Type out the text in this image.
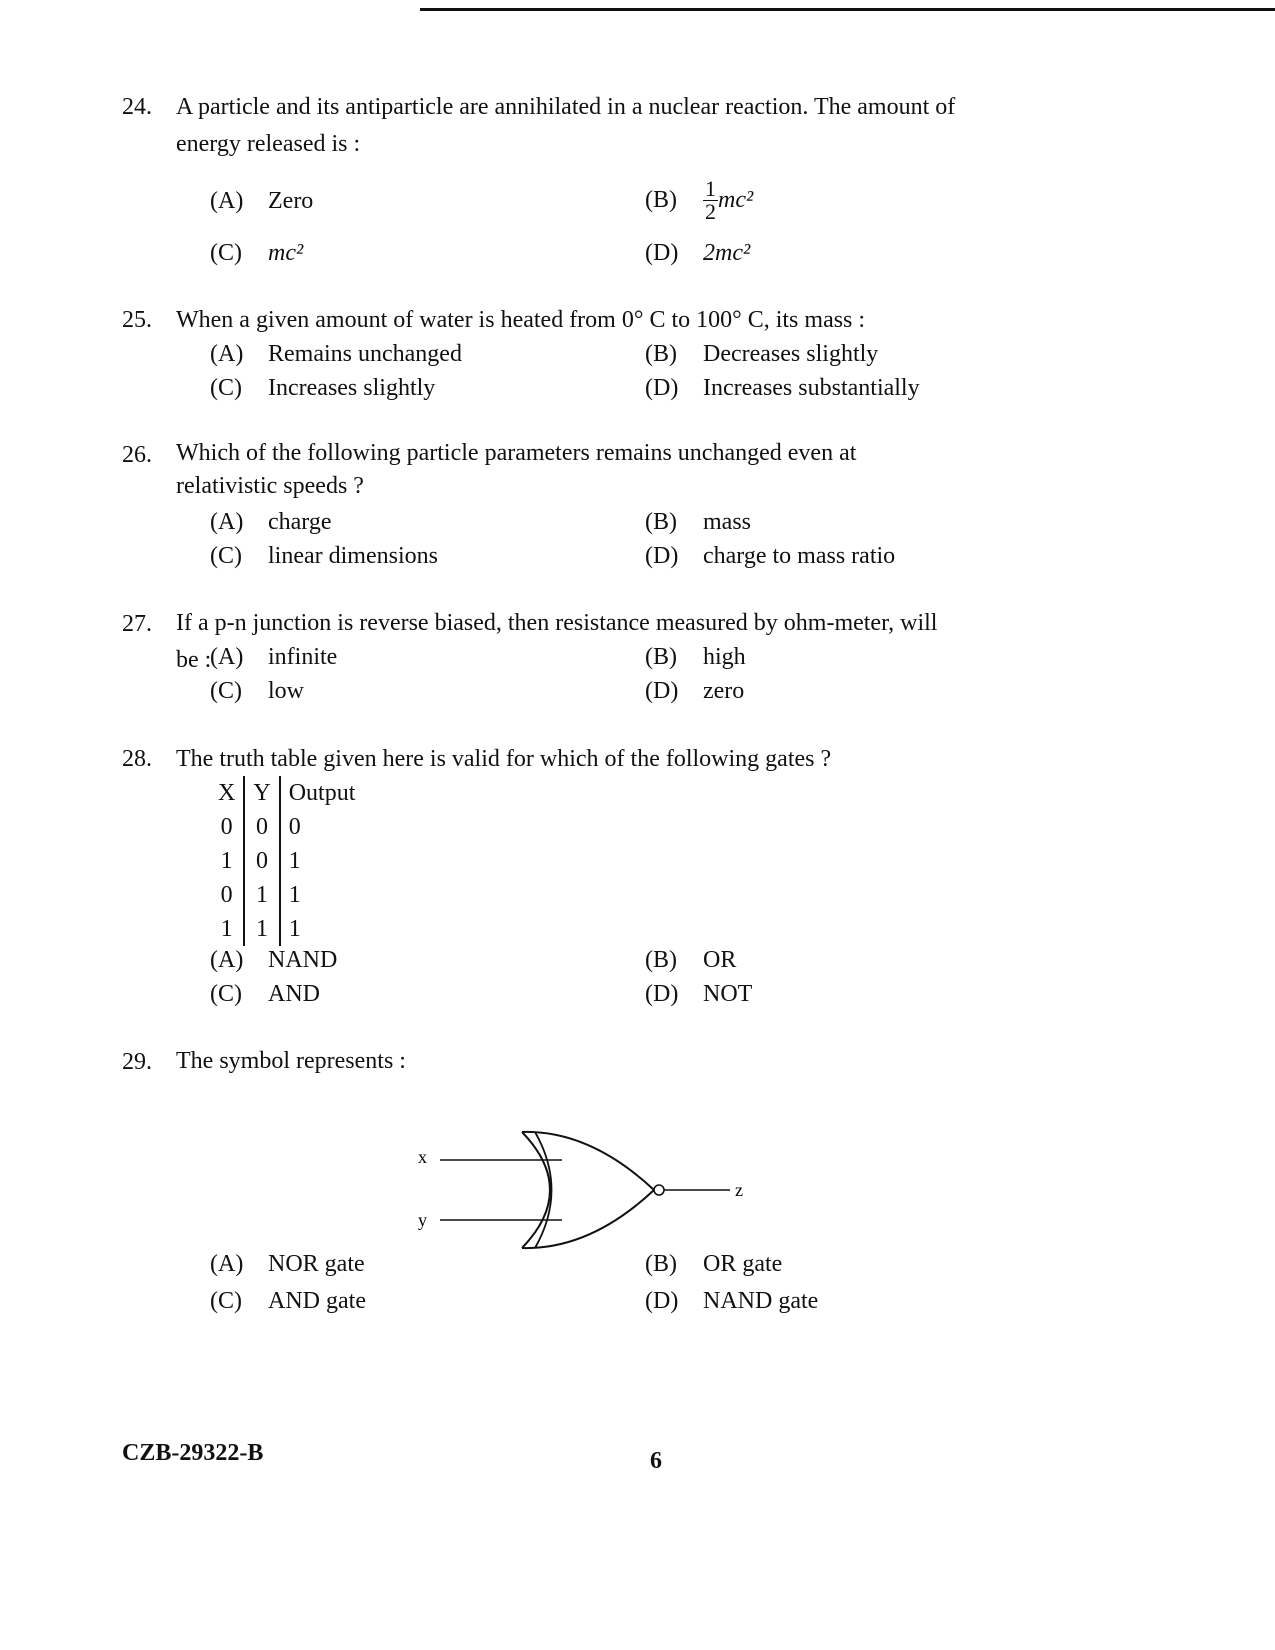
24. A particle and its antiparticle are annihilated in a nuclear reaction. The amount of energy released is :
(A) Zero	$(B) \frac{1}{2} mc^2$
(C) mc²	(D) 2mc²
25. When a given amount of water is heated from 0° C to 100° C, its mass :
(A) Remains unchanged	(B) Decreases slightly
(C) Increases slightly	(D) Increases substantially
26. Which of the following particle parameters remains unchanged even at relativistic speeds ?
(A) charge	(B) mass
(C) linear dimensions	(D) charge to mass ratio
27. If a p-n junction is reverse biased, then resistance measured by ohm-meter, will be :
(A) infinite	(B) high
(C) low	(D) zero
28. The truth table given here is valid for which of the following gates ?
X	Y	Output
0	0	0
1	0	1
0	1	1
1	1	1
(A) NAND	(B) OR
(C) AND	(D) NOT
29. The symbol represents :
x
y
z
(A) NOR gate	(B) OR gate
(C) AND gate	(D) NAND gate
CZB-29322-B	6
